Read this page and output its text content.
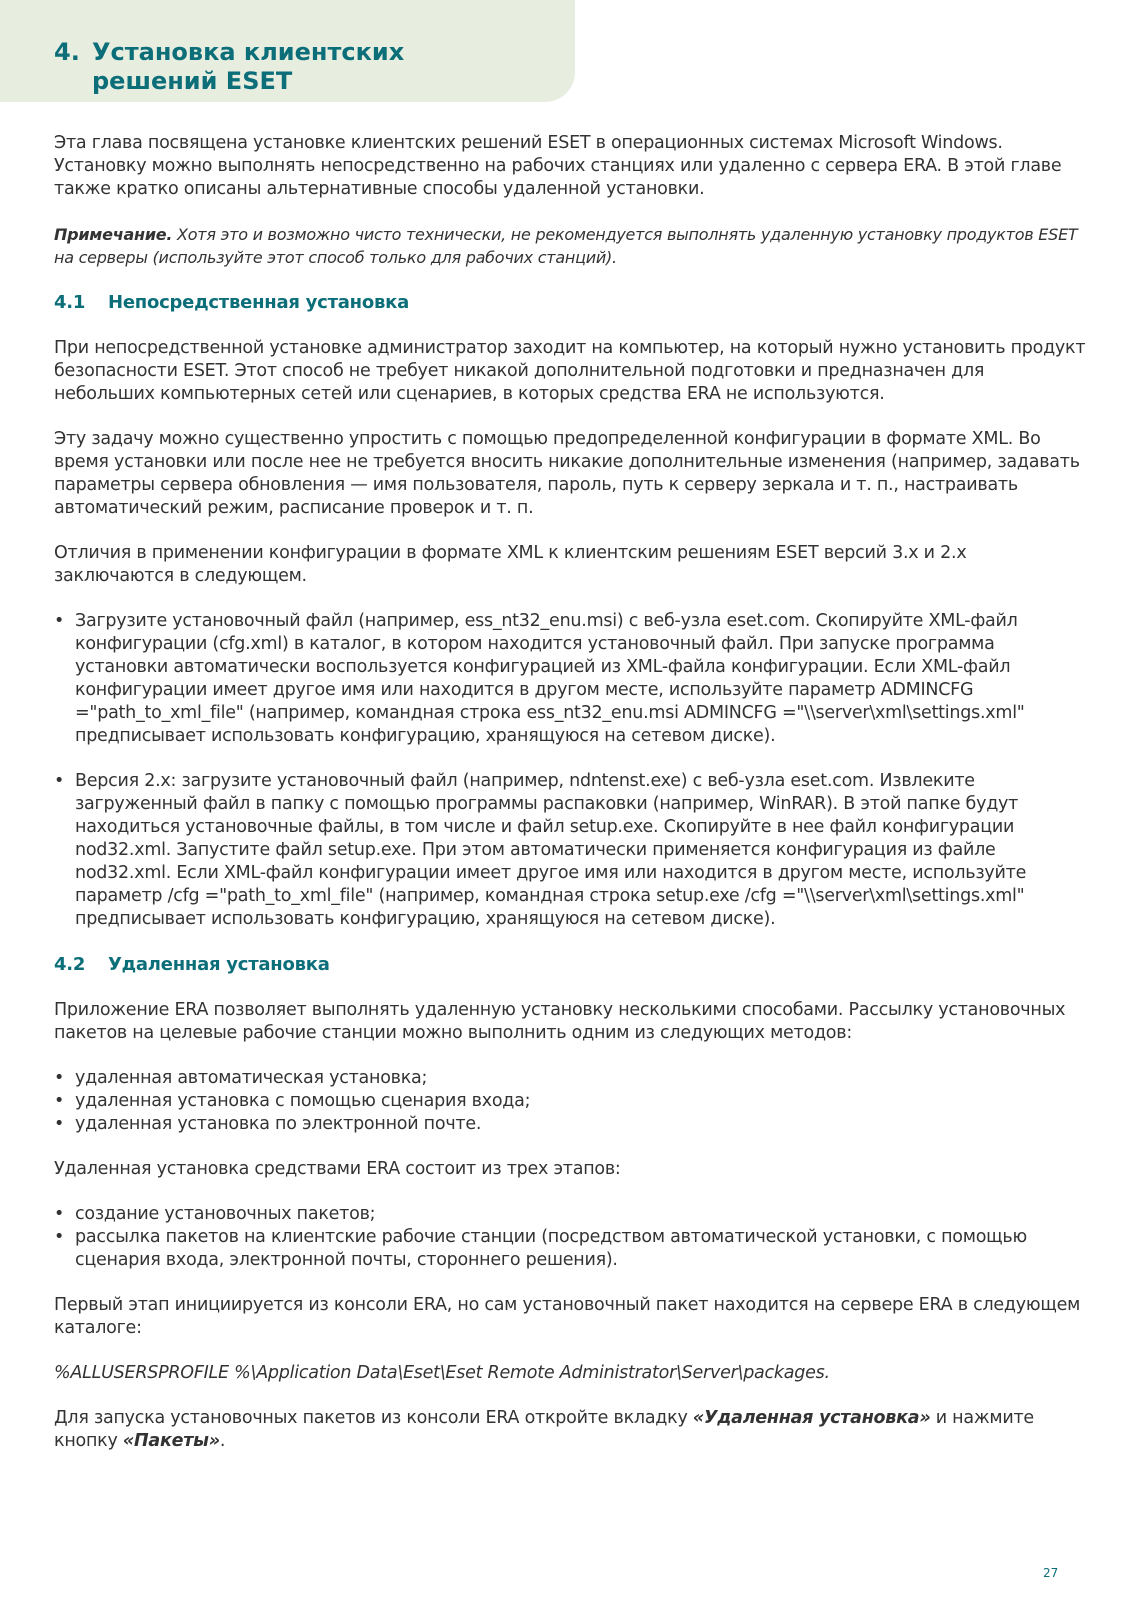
4. Установка клиентских
решений ESET

Эта глава посвящена установке клиентских решений ESET в операционных системах Microsoft Windows. Установку можно выполнять непосредственно на рабочих станциях или удаленно с сервера ERA. В этой главе также кратко описаны альтернативные способы удаленной установки.

Примечание. Хотя это и возможно чисто технически, не рекомендуется выполнять удаленную установку продуктов ESET на серверы (используйте этот способ только для рабочих станций).

4.1 Непосредственная установка

При непосредственной установке администратор заходит на компьютер, на который нужно установить продукт безопасности ESET. Этот способ не требует никакой дополнительной подготовки и предназначен для небольших компьютерных сетей или сценариев, в которых средства ERA не используются.

Эту задачу можно существенно упростить с помощью предопределенной конфигурации в формате XML. Во время установки или после нее не требуется вносить никакие дополнительные изменения (например, задавать параметры сервера обновления — имя пользователя, пароль, путь к серверу зеркала и т. п., настраивать автоматический режим, расписание проверок и т. п.

Отличия в применении конфигурации в формате XML к клиентским решениям ESET версий 3.x и 2.x заключаются в следующем.

• Загрузите установочный файл (например, ess_nt32_enu.msi) с веб-узла eset.com. Скопируйте XML-файл конфигурации (cfg.xml) в каталог, в котором находится установочный файл. При запуске программа установки автоматически воспользуется конфигурацией из XML-файла конфигурации. Если XML-файл конфигурации имеет другое имя или находится в другом месте, используйте параметр ADMINCFG ="path_to_xml_file" (например, командная строка ess_nt32_enu.msi ADMINCFG ="\\server\xml\settings.xml" предписывает использовать конфигурацию, хранящуюся на сетевом диске).
• Версия 2.x: загрузите установочный файл (например, ndntenst.exe) с веб-узла eset.com. Извлеките загруженный файл в папку с помощью программы распаковки (например, WinRAR). В этой папке будут находиться установочные файлы, в том числе и файл setup.exe. Скопируйте в нее файл конфигурации nod32.xml. Запустите файл setup.exe. При этом автоматически применяется конфигурация из файле nod32.xml. Если XML-файл конфигурации имеет другое имя или находится в другом месте, используйте параметр /cfg ="path_to_xml_file" (например, командная строка setup.exe /cfg ="\\server\xml\settings.xml" предписывает использовать конфигурацию, хранящуюся на сетевом диске).
4.2 Удаленная установка

Приложение ERA позволяет выполнять удаленную установку несколькими способами. Рассылку установочных пакетов на целевые рабочие станции можно выполнить одним из следующих методов:

• удаленная автоматическая установка;
• удаленная установка с помощью сценария входа;
• удаленная установка по электронной почте.

Удаленная установка средствами ERA состоит из трех этапов:

• создание установочных пакетов;
• рассылка пакетов на клиентские рабочие станции (посредством автоматической установки, с помощью сценария входа, электронной почты, стороннего решения).

Первый этап инициируется из консоли ERA, но сам установочный пакет находится на сервере ERA в следующем каталоге:

%ALLUSERSPROFILE %\Application Data\Eset\Eset Remote Administrator\Server\packages.

Для запуска установочных пакетов из консоли ERA откройте вкладку «Удаленная установка» и нажмите кнопку «Пакеты».

27
